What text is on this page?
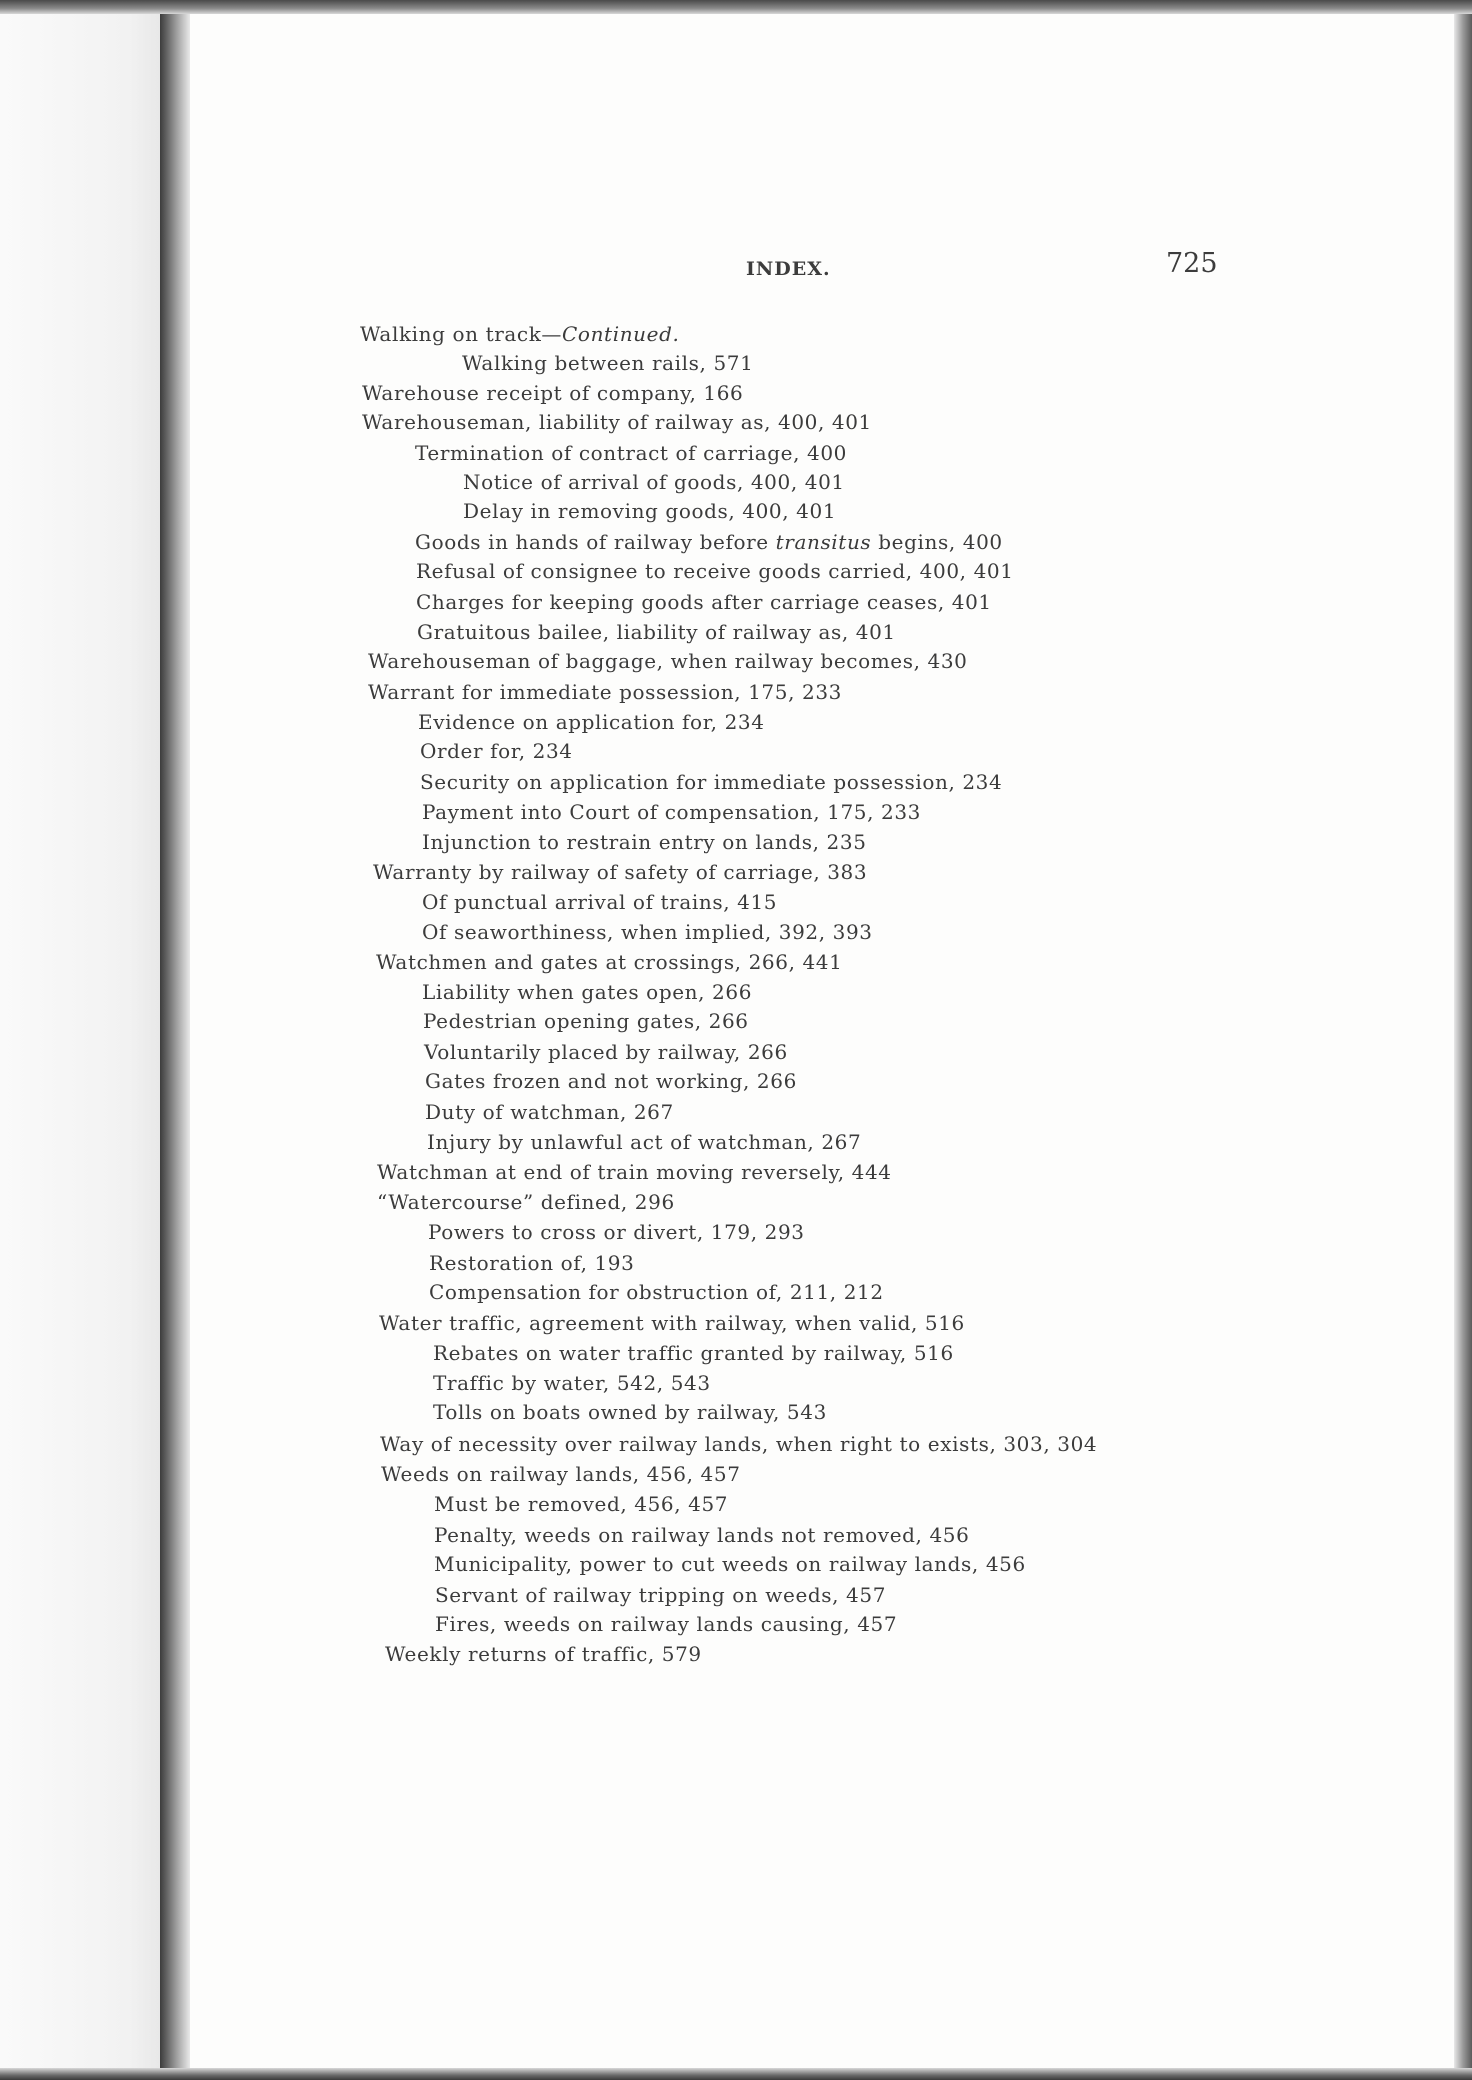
INDEX.	725
Walking on track—Continued.
Walking between rails, 571
Warehouse receipt of company, 166
Warehouseman, liability of railway as, 400, 401
Termination of contract of carriage, 400
Notice of arrival of goods, 400, 401
Delay in removing goods, 400, 401
Goods in hands of railway before transitus begins, 400
Refusal of consignee to receive goods carried, 400, 401
Charges for keeping goods after carriage ceases, 401
Gratuitous bailee, liability of railway as, 401
Warehouseman of baggage, when railway becomes, 430
Warrant for immediate possession, 175, 233
Evidence on application for, 234
Order for, 234
Security on application for immediate possession, 234
Payment into Court of compensation, 175, 233
Injunction to restrain entry on lands, 235
Warranty by railway of safety of carriage, 383
Of punctual arrival of trains, 415
Of seaworthiness, when implied, 392, 393
Watchmen and gates at crossings, 266, 441
Liability when gates open, 266
Pedestrian opening gates, 266
Voluntarily placed by railway, 266
Gates frozen and not working, 266
Duty of watchman, 267
Injury by unlawful act of watchman, 267
Watchman at end of train moving reversely, 444
“Watercourse” defined, 296
Powers to cross or divert, 179, 293
Restoration of, 193
Compensation for obstruction of, 211, 212
Water traffic, agreement with railway, when valid, 516
Rebates on water traffic granted by railway, 516
Traffic by water, 542, 543
Tolls on boats owned by railway, 543
Way of necessity over railway lands, when right to exists, 303, 304
Weeds on railway lands, 456, 457
Must be removed, 456, 457
Penalty, weeds on railway lands not removed, 456
Municipality, power to cut weeds on railway lands, 456
Servant of railway tripping on weeds, 457
Fires, weeds on railway lands causing, 457
Weekly returns of traffic, 579
